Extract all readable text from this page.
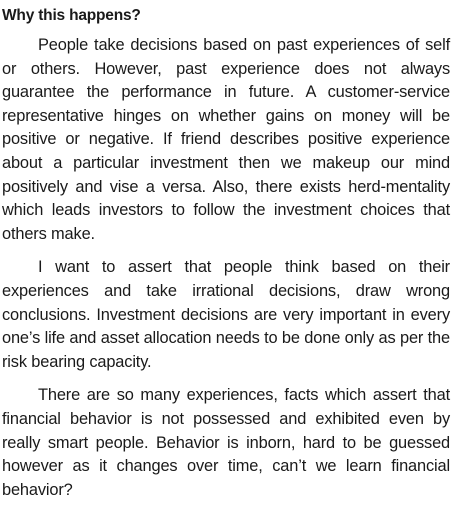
Why this happens?

People take decisions based on past experiences of self or others. However, past experience does not always guarantee the performance in future. A customer-service representative hinges on whether gains on money will be positive or negative. If friend describes positive experience about a particular investment then we makeup our mind positively and vise a versa. Also, there exists herd-mentality which leads investors to follow the investment choices that others make.

I want to assert that people think based on their experiences and take irrational decisions, draw wrong conclusions. Investment decisions are very important in every one’s life and asset allocation needs to be done only as per the risk bearing capacity.

There are so many experiences, facts which assert that financial behavior is not possessed and exhibited even by really smart people. Behavior is inborn, hard to be guessed however as it changes over time, can’t we learn financial behavior?
